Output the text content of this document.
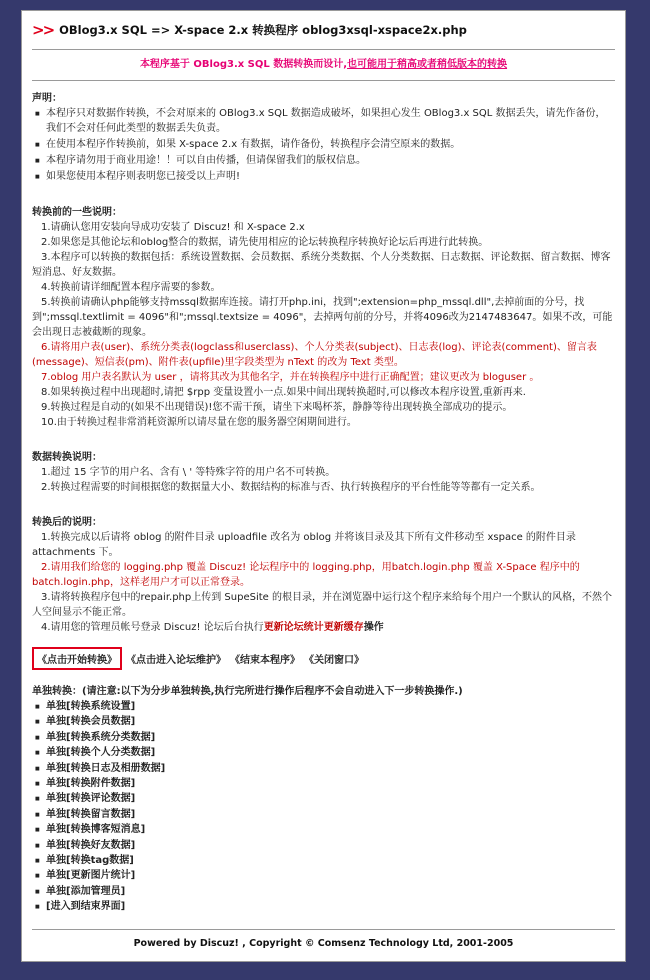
>> OBlog3.x SQL => X-space 2.x 转换程序 oblog3xsql-xspace2x.php
本程序基于 OBlog3.x SQL 数据转换而设计,也可能用于稍高或者稍低版本的转换
声明：
■ 本程序只对数据作转换，不会对原来的 OBlog3.x SQL 数据造成破坏，如果担心发生 OBlog3.x SQL 数据丢失，请先作备份，我们不会对任何此类型的数据丢失负责。
■ 在使用本程序作转换前，如果 X-space 2.x 有数据，请作备份，转换程序会清空原来的数据。
■ 本程序请勿用于商业用途！！可以自由传播，但请保留我们的版权信息。
■ 如果您使用本程序则表明您已接受以上声明!
转换前的一些说明：
1.请确认您用安装向导成功安装了 Discuz! 和 X-space 2.x
2.如果您是其他论坛和oblog整合的数据，请先使用相应的论坛转换程序转换好论坛后再进行此转换。
3.本程序可以转换的数据包括：系统设置数据、会员数据、系统分类数据、个人分类数据、日志数据、评论数据、留言数据、博客短消息、好友数据。
4.转换前请详细配置本程序需要的参数。
5.转换前请确认php能够支持mssql数据库连接。请打开php.ini，找到";extension=php_mssql.dll",去掉前面的分号，找到";mssql.textlimit = 4096"和";mssql.textsize = 4096"，去掉两句前的分号，并将4096改为2147483647。如果不改，可能会出现日志被截断的现象。
6.请将用户表(user)、系统分类表(logclass和userclass)、个人分类表(subject)、日志表(log)、评论表(comment)、留言表(message)、短信表(pm)、附件表(upfile)里字段类型为 nText 的改为 Text 类型。
7.oblog 用户表名默认为 user ，请将其改为其他名字，并在转换程序中进行正确配置；建议更改为 bloguser 。
8.如果转换过程中出现超时,请把 $rpp 变量设置小一点.如果中间出现转换超时,可以修改本程序设置,重新再来.
9.转换过程是自动的(如果不出现错误)!您不需干预，请坐下来喝杯茶，静静等待出现转换全部成功的提示。
10.由于转换过程非常消耗资源所以请尽量在您的服务器空闲期间进行。
数据转换说明：
1.超过 15 字节的用户名、含有 \ ' 等特殊字符的用户名不可转换。
2.转换过程需要的时间根据您的数据量大小、数据结构的标准与否、执行转换程序的平台性能等等都有一定关系。
转换后的说明：
1.转换完成以后请将 oblog 的附件目录 uploadfile 改名为 oblog 并将该目录及其下所有文件移动至 xspace 的附件目录 attachments 下。
2.请用我们给您的 logging.php 覆盖 Discuz! 论坛程序中的 logging.php，用batch.login.php 覆盖 X-Space 程序中的 batch.login.php，这样老用户才可以正常登录。
3.请将转换程序包中的repair.php上传到 SupeSite 的根目录，并在浏览器中运行这个程序来给每个用户一个默认的风格，不然个人空间显示不能正常。
4.请用您的管理员帐号登录 Discuz! 论坛后台执行更新论坛统计更新缓存操作
《点击开始转换》 《点击进入论坛维护》 《结束本程序》 《关闭窗口》
单独转换：(请注意:以下为分步单独转换,执行完所进行操作后程序不会自动进入下一步转换操作.)
■ 单独[转换系统设置]
■ 单独[转换会员数据]
■ 单独[转换系统分类数据]
■ 单独[转换个人分类数据]
■ 单独[转换日志及相册数据]
■ 单独[转换附件数据]
■ 单独[转换评论数据]
■ 单独[转换留言数据]
■ 单独[转换博客短消息]
■ 单独[转换好友数据]
■ 单独[转换tag数据]
■ 单独[更新图片统计]
■ 单独[添加管理员]
■ [进入到结束界面]
Powered by Discuz! , Copyright © Comsenz Technology Ltd, 2001-2005
